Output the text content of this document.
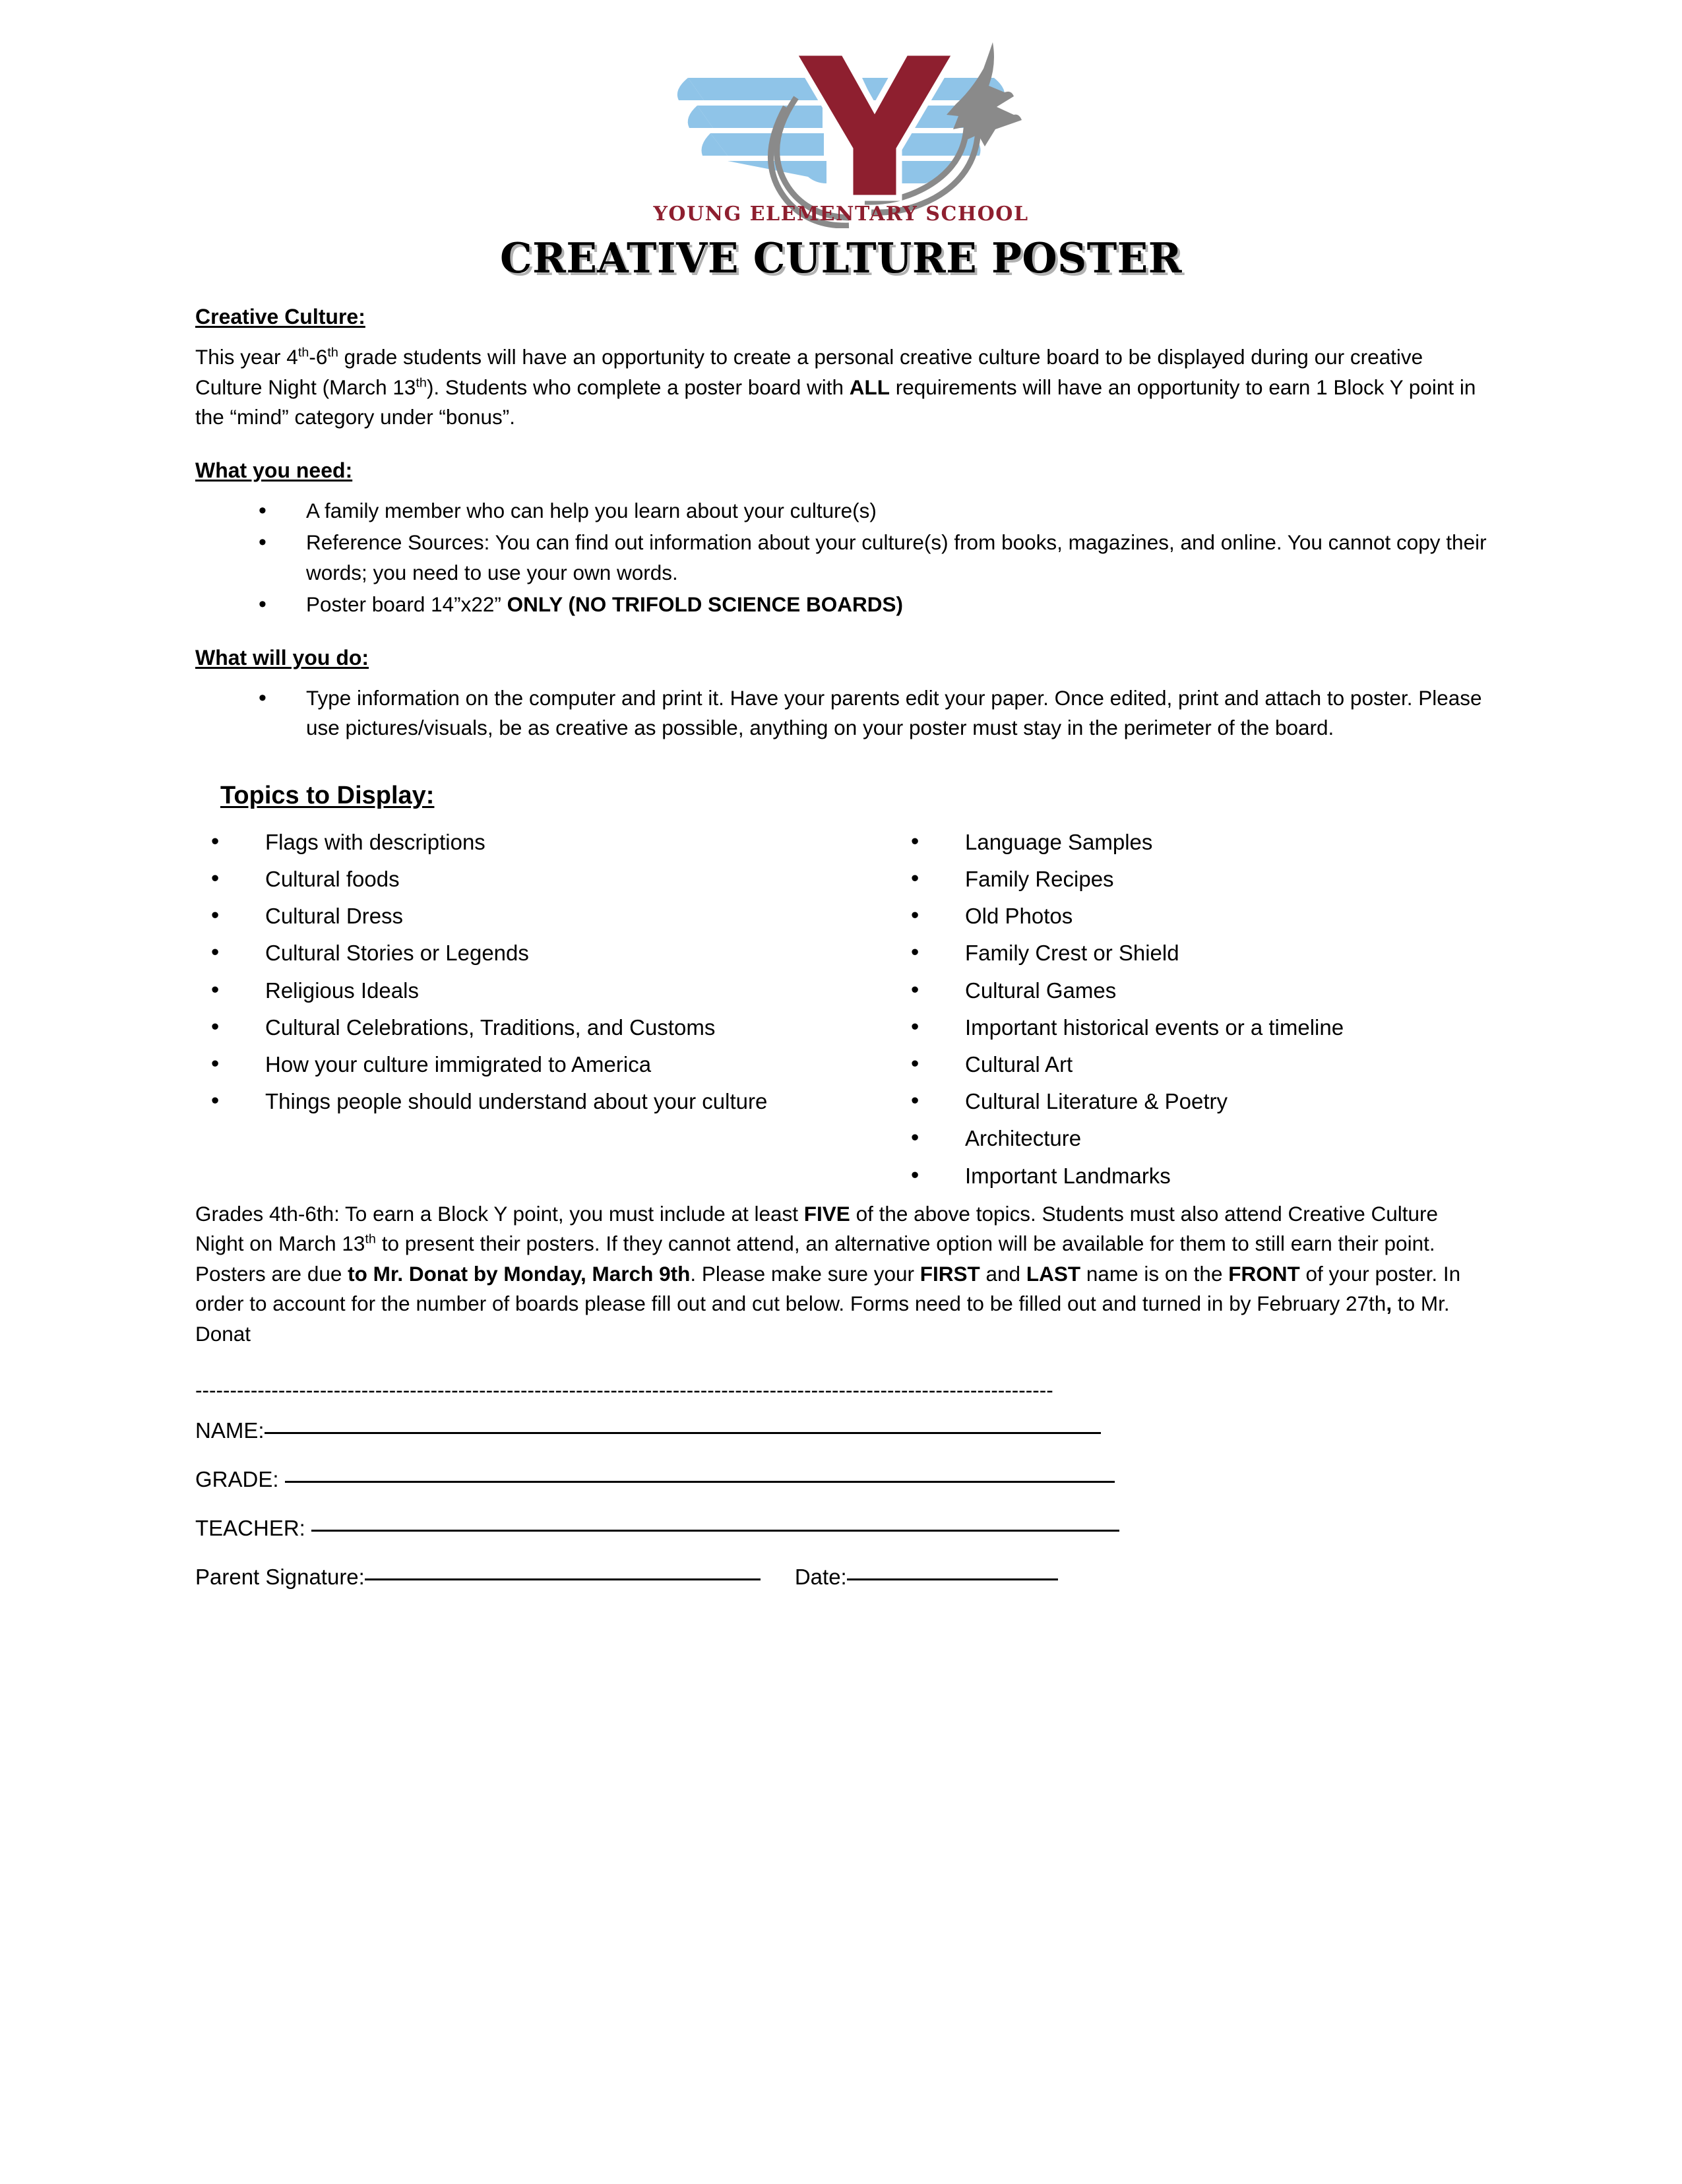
YOUNG ELEMENTARY SCHOOL
CREATIVE CULTURE POSTER
Creative Culture:

This year 4th-6th grade students will have an opportunity to create a personal creative culture board to be displayed during our creative Culture Night (March 13th). Students who complete a poster board with ALL requirements will have an opportunity to earn 1 Block Y point in the “mind” category under “bonus”.

What you need:
• A family member who can help you learn about your culture(s)
• Reference Sources: You can find out information about your culture(s) from books, magazines, and online. You cannot copy their words; you need to use your own words.
• Poster board 14”x22” ONLY (NO TRIFOLD SCIENCE BOARDS)
What will you do:
• Type information on the computer and print it. Have your parents edit your paper. Once edited, print and attach to poster. Please use pictures/visuals, be as creative as possible, anything on your poster must stay in the perimeter of the board.
Topics to Display:
• Flags with descriptions
• Cultural foods
• Cultural Dress
• Cultural Stories or Legends
• Religious Ideals
• Cultural Celebrations, Traditions, and Customs
• How your culture immigrated to America
• Things people should understand about your culture
• Language Samples
• Family Recipes
• Old Photos
• Family Crest or Shield
• Cultural Games
• Important historical events or a timeline
• Cultural Art
• Cultural Literature & Poetry
• Architecture
• Important Landmarks

Grades 4th-6th: To earn a Block Y point, you must include at least FIVE of the above topics. Students must also attend Creative Culture Night on March 13th to present their posters. If they cannot attend, an alternative option will be available for them to still earn their point. Posters are due to Mr. Donat by Monday, March 9th. Please make sure your FIRST and LAST name is on the FRONT of your poster. In order to account for the number of boards please fill out and cut below. Forms need to be filled out and turned in by February 27th, to Mr. Donat

----------------------------------------------------------------------------------------------------------------------------
NAME:
GRADE:
TEACHER:
Parent Signature:	Date:
